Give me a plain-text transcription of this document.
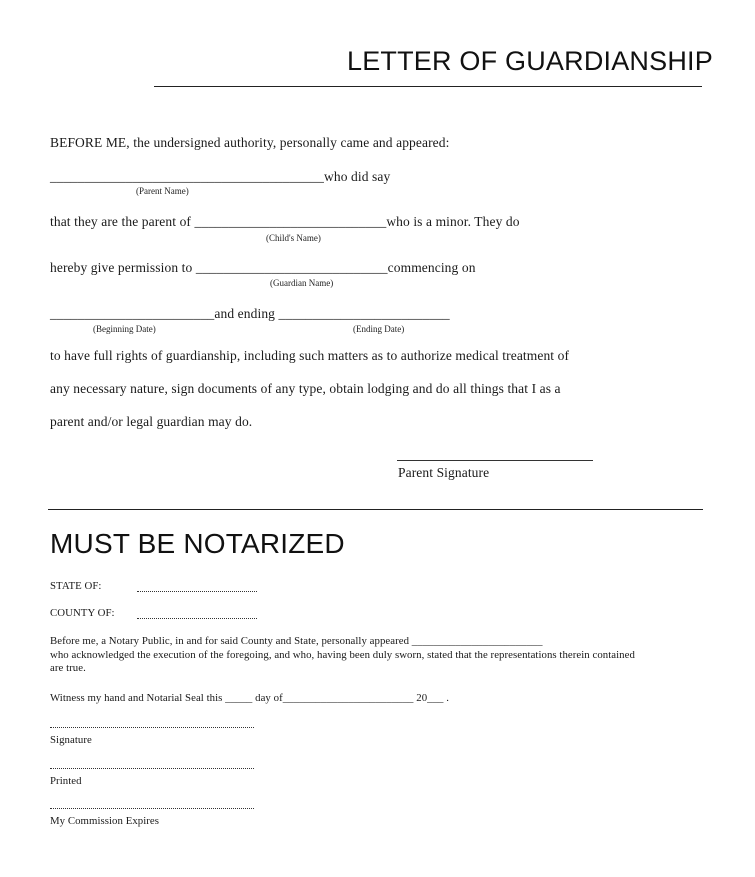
LETTER OF GUARDIANSHIP
BEFORE ME, the undersigned authority, personally came and appeared:
________________________________________who did say
(Parent Name)
that they are the parent of ____________________________who is a minor. They do
(Child's Name)
hereby give permission to ____________________________commencing on
(Guardian Name)
________________________and ending _________________________
(Beginning Date)	(Ending Date)
to have full rights of guardianship, including such matters as to authorize medical treatment of
any necessary nature, sign documents of any type, obtain lodging and do all things that I as a
parent and/or legal guardian may do.
Parent Signature
MUST BE NOTARIZED
STATE OF:
COUNTY OF:
Before me, a Notary Public, in and for said County and State, personally appeared ________________________
who acknowledged the execution of the foregoing, and who, having been duly sworn, stated that the representations therein contained
are true.
Witness my hand and Notarial Seal this _____ day of________________________ 20___ .
Signature
Printed
My Commission Expires
